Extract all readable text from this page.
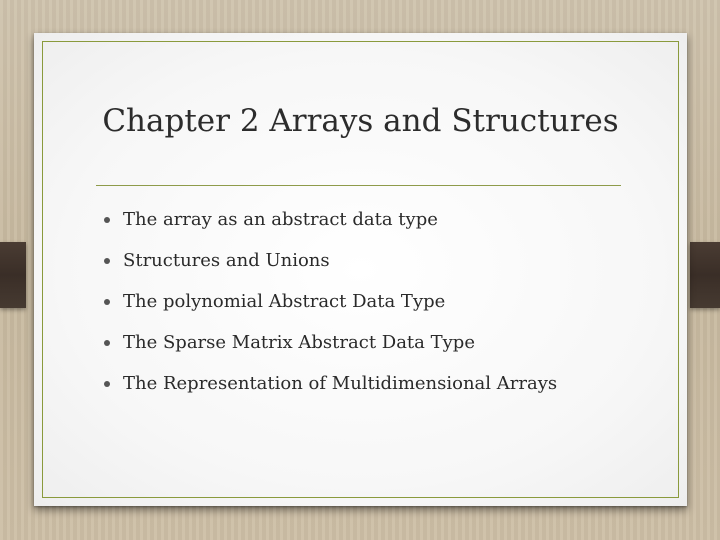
Chapter 2 Arrays and Structures
The array as an abstract data type
Structures and Unions
The polynomial Abstract Data Type
The Sparse Matrix Abstract Data Type
The Representation of Multidimensional Arrays
